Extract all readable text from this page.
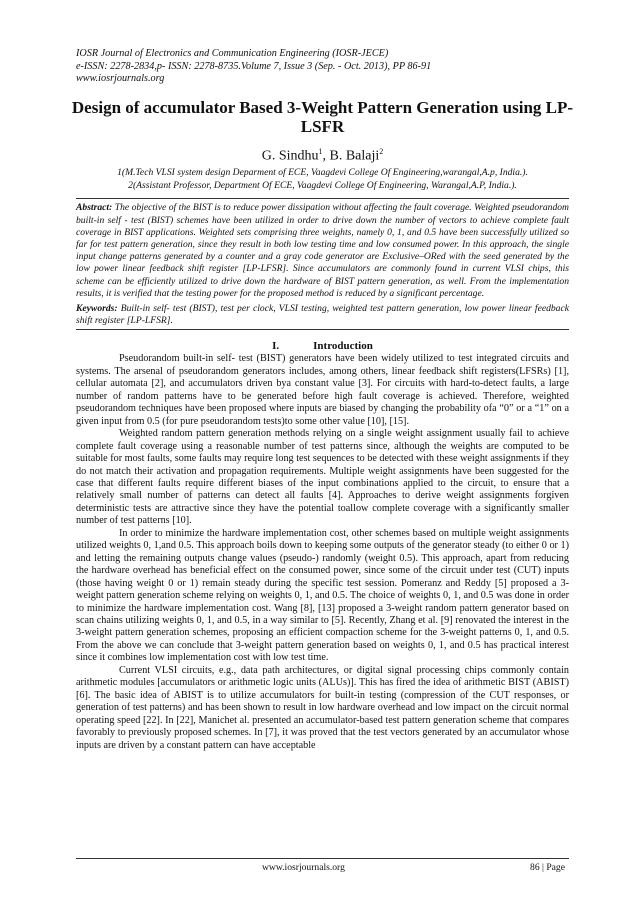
IOSR Journal of Electronics and Communication Engineering (IOSR-JECE)

e-ISSN: 2278-2834,p- ISSN: 2278-8735.Volume 7, Issue 3 (Sep. - Oct. 2013), PP 86-91

www.iosrjournals.org

Design of accumulator Based 3-Weight Pattern Generation using LP-LSFR
G. Sindhu$^1$, B. Balaji$^2$
1(M.Tech VLSI system design Deparment of ECE, Vaagdevi College Of Engineering,warangal,A.p, India.).
2(Assistant Professor, Department Of ECE, Vaagdevi College Of Engineering, Warangal,A.P, India.).

Abstract: The objective of the BIST is to reduce power dissipation without affecting the fault coverage. Weighted pseudorandom built-in self - test (BIST) schemes have been utilized in order to drive down the number of vectors to achieve complete fault coverage in BIST applications. Weighted sets comprising three weights, namely 0, 1, and 0.5 have been successfully utilized so far for test pattern generation, since they result in both low testing time and low consumed power. In this approach, the single input change patterns generated by a counter and a gray code generator are Exclusive–ORed with the seed generated by the low power linear feedback shift register [LP-LFSR]. Since accumulators are commonly found in current VLSI chips, this scheme can be efficiently utilized to drive down the hardware of BIST pattern generation, as well. From the implementation results, it is verified that the testing power for the proposed method is reduced by a significant percentage.

Keywords: Built-in self- test (BIST), test per clock, VLSI testing, weighted test pattern generation, low power linear feedback shift register [LP-LFSR].

I.	Introduction

Pseudorandom built-in self- test (BIST) generators have been widely utilized to test integrated circuits and systems. The arsenal of pseudorandom generators includes, among others, linear feedback shift registers(LFSRs) [1], cellular automata [2], and accumulators driven bya constant value [3]. For circuits with hard-to-detect faults, a large number of random patterns have to be generated before high fault coverage is achieved. Therefore, weighted pseudorandom techniques have been proposed where inputs are biased by changing the probability ofa “0” or a “1” on a given input from 0.5 (for pure pseudorandom tests)to some other value [10], [15].

Weighted random pattern generation methods relying on a single weight assignment usually fail to achieve complete fault coverage using a reasonable number of test patterns since, although the weights are computed to be suitable for most faults, some faults may require long test sequences to be detected with these weight assignments if they do not match their activation and propagation requirements. Multiple weight assignments have been suggested for the case that different faults require different biases of the input combinations applied to the circuit, to ensure that a relatively small number of patterns can detect all faults [4]. Approaches to derive weight assignments forgiven deterministic tests are attractive since they have the potential toallow complete coverage with a significantly smaller number of test patterns [10].

In order to minimize the hardware implementation cost, other schemes based on multiple weight assignments utilized weights 0, 1,and 0.5. This approach boils down to keeping some outputs of the generator steady (to either 0 or 1) and letting the remaining outputs change values (pseudo-) randomly (weight 0.5). This approach, apart from reducing the hardware overhead has beneficial effect on the consumed power, since some of the circuit under test (CUT) inputs (those having weight 0 or 1) remain steady during the specific test session. Pomeranz and Reddy [5] proposed a 3-weight pattern generation scheme relying on weights 0, 1, and 0.5. The choice of weights 0, 1, and 0.5 was done in order to minimize the hardware implementation cost. Wang [8], [13] proposed a 3-weight random pattern generator based on scan chains utilizing weights 0, 1, and 0.5, in a way similar to [5]. Recently, Zhang et al. [9] renovated the interest in the 3-weight pattern generation schemes, proposing an efficient compaction scheme for the 3-weight patterns 0, 1, and 0.5. From the above we can conclude that 3-weight pattern generation based on weights 0, 1, and 0.5 has practical interest since it combines low implementation cost with low test time.

Current VLSI circuits, e.g., data path architectures, or digital signal processing chips commonly contain arithmetic modules [accumulators or arithmetic logic units (ALUs)]. This has fired the idea of arithmetic BIST (ABIST) [6]. The basic idea of ABIST is to utilize accumulators for built-in testing (compression of the CUT responses, or generation of test patterns) and has been shown to result in low hardware overhead and low impact on the circuit normal operating speed [22]. In [22], Manichet al. presented an accumulator-based test pattern generation scheme that compares favorably to previously proposed schemes. In [7], it was proved that the test vectors generated by an accumulator whose inputs are driven by a constant pattern can have acceptable

www.iosrjournals.org	86 | Page
